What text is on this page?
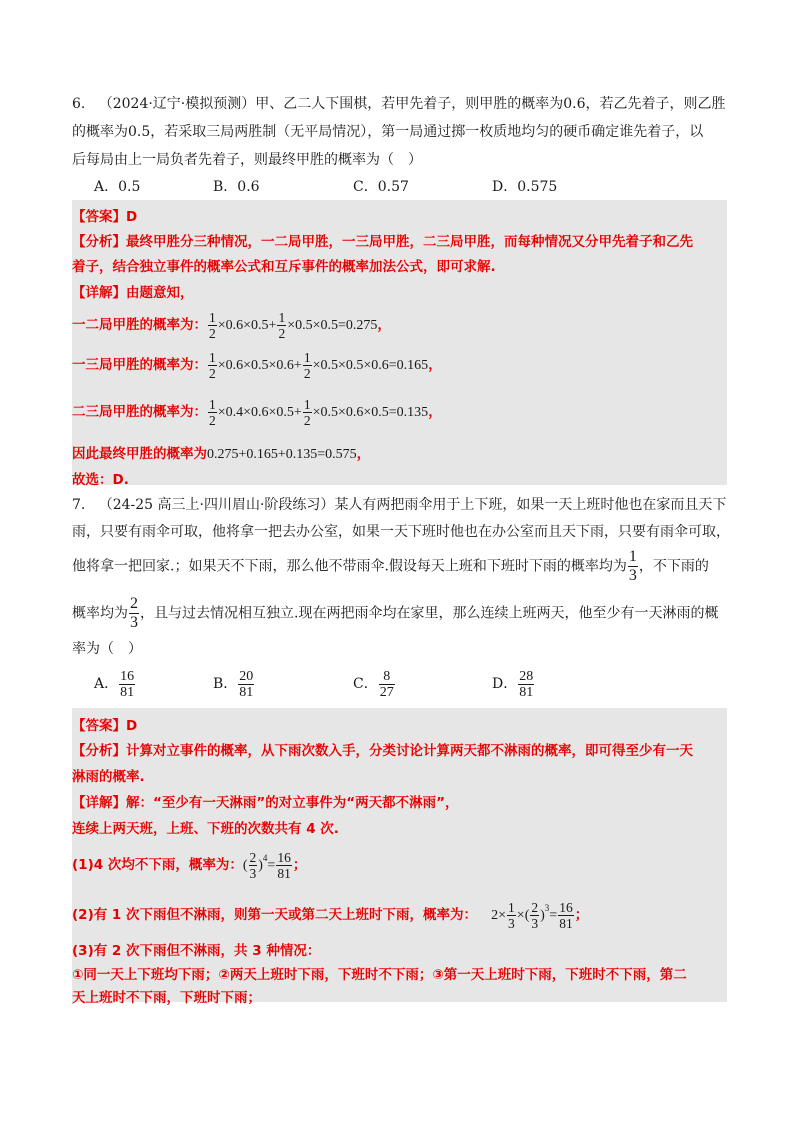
6. （2024·辽宁·模拟预测）甲、乙二人下围棋，若甲先着子，则甲胜的概率为0.6，若乙先着子，则乙胜
的概率为0.5，若采取三局两胜制（无平局情况），第一局通过掷一枚质地均匀的硬币确定谁先着子，以
后每局由上一局负者先着子，则最终甲胜的概率为（　）
A．0.5	B．0.6	C．0.57	D．0.575
【答案】D
【分析】最终甲胜分三种情况，一二局甲胜，一三局甲胜，二三局甲胜，而每种情况又分甲先着子和乙先
着子，结合独立事件的概率公式和互斥事件的概率加法公式，即可求解.
【详解】由题意知，
一二局甲胜的概率为： $\frac{1}{2} \times 0.6\times 0.5+ \frac{1}{2} \times 0.5\times 0.5=0.275$，
一三局甲胜的概率为： $\frac{1}{2} \times 0.6\times 0.5\times 0.6+ \frac{1}{2} \times 0.5\times 0.5\times 0.6=0.165$，
二三局甲胜的概率为： $\frac{1}{2} \times 0.4\times 0.6\times 0.5+ \frac{1}{2} \times 0.5\times 0.6\times 0.5=0.135$，
因此最终甲胜的概率为0.275+0.165+0.135=0.575，
故选：D.
7. （24-25 高三上·四川眉山·阶段练习）某人有两把雨伞用于上下班，如果一天上班时他也在家而且天下
雨，只要有雨伞可取，他将拿一把去办公室，如果一天下班时他也在办公室而且天下雨，只要有雨伞可取，
他将拿一把回家.；如果天不下雨，那么他不带雨伞.假设每天上班和下班时下雨的概率均为 $\frac{1}{3}$ ，不下雨的
概率均为 $\frac{2}{3}$ ，且与过去情况相互独立.现在两把雨伞均在家里，那么连续上班两天，他至少有一天淋雨的概
率为（　）
A． $\frac{16}{81}$	B． $\frac{20}{81}$	C． $\frac{8}{27}$	D． $\frac{28}{81}$
【答案】D
【分析】计算对立事件的概率，从下雨次数入手，分类讨论计算两天都不淋雨的概率，即可得至少有一天
淋雨的概率.
【详解】解：“至少有一天淋雨”的对立事件为“两天都不淋雨”，
连续上两天班，上班、下班的次数共有 4 次.
(1)4 次均不下雨，概率为：( $\frac{2}{3} )^4= \frac{16}{81}$ ；
(2)有 1 次下雨但不淋雨，则第一天或第二天上班时下雨，概率为： $2\times \frac{1}{3}$ ×( $\frac{2}{3} )^3= \frac{16}{81}$ ；
(3)有 2 次下雨但不淋雨，共 3 种情况：
①同一天上下班均下雨；②两天上班时下雨，下班时不下雨；③第一天上班时下雨，下班时不下雨，第二
天上班时不下雨，下班时下雨；
